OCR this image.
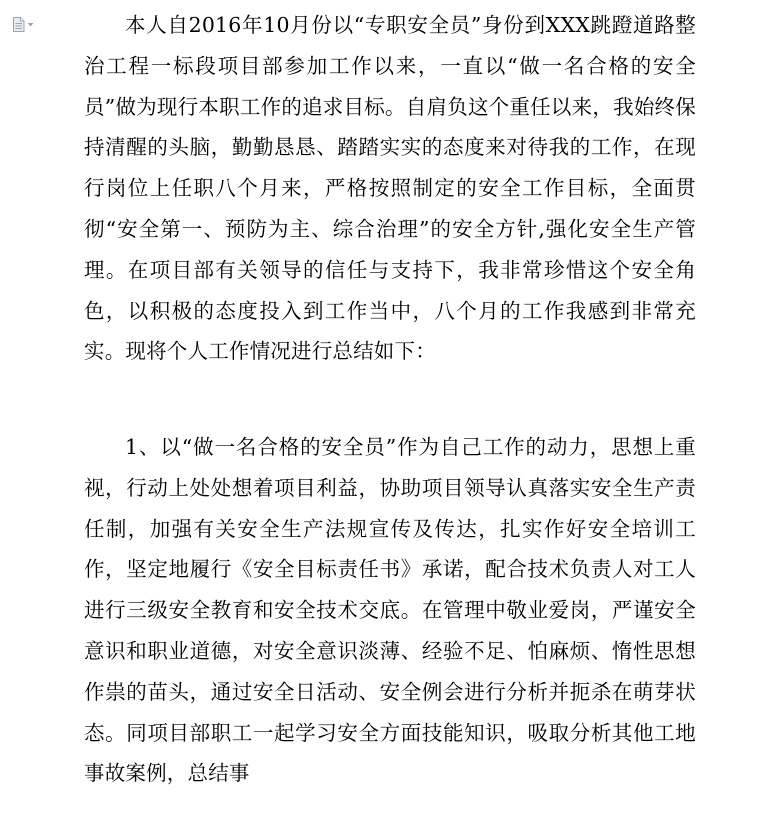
本人自2016年10月份以“专职安全员”身份到XXX跳蹬道路整治工程一标段项目部参加工作以来，一直以“做一名合格的安全员”做为现行本职工作的追求目标。自肩负这个重任以来，我始终保持清醒的头脑，勤勤恳恳、踏踏实实的态度来对待我的工作，在现行岗位上任职八个月来，严格按照制定的安全工作目标，全面贯彻“安全第一、预防为主、综合治理”的安全方针,强化安全生产管理。在项目部有关领导的信任与支持下，我非常珍惜这个安全角色，以积极的态度投入到工作当中，八个月的工作我感到非常充实。现将个人工作情况进行总结如下：

1、以“做一名合格的安全员”作为自己工作的动力，思想上重视，行动上处处想着项目利益，协助项目领导认真落实安全生产责任制，加强有关安全生产法规宣传及传达，扎实作好安全培训工作，坚定地履行《安全目标责任书》承诺，配合技术负责人对工人进行三级安全教育和安全技术交底。在管理中敬业爱岗，严谨安全意识和职业道德，对安全意识淡薄、经验不足、怕麻烦、惰性思想作祟的苗头，通过安全日活动、安全例会进行分析并扼杀在萌芽状态。同项目部职工一起学习安全方面技能知识，吸取分析其他工地事故案例，总结事
